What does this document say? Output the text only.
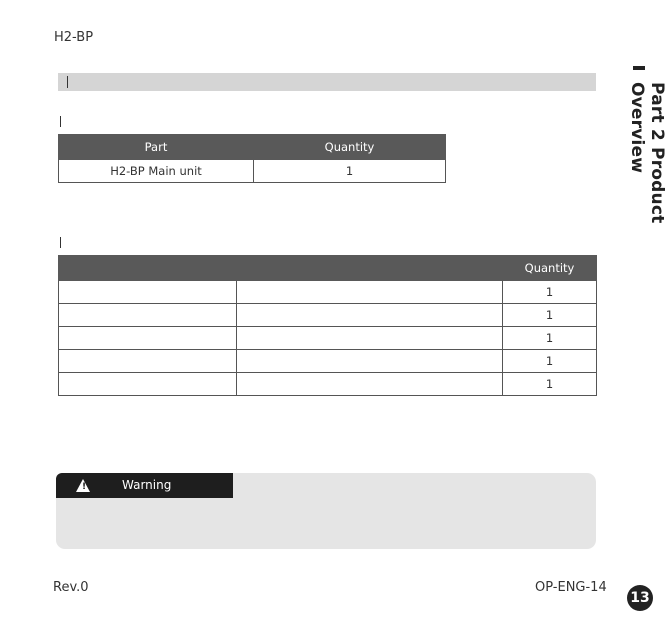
H2-BP
Part	Quantity
H2-BP Main unit	1
		Quantity
		1
		1
		1
		1
		1
!	Warning
Part 2 Product Overview
Rev.0	OP-ENG-14
13
